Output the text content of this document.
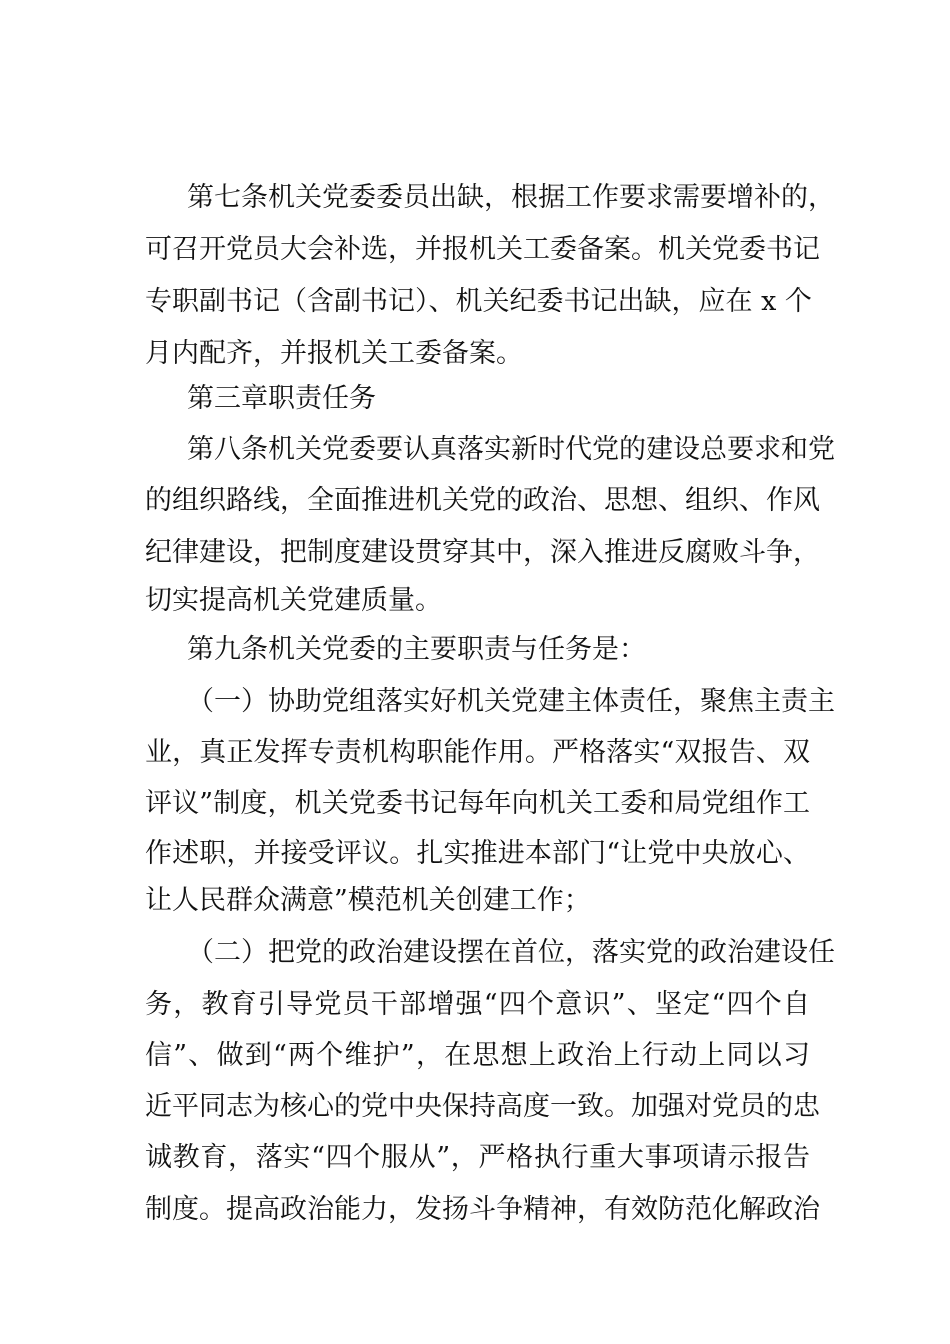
第七条机关党委委员出缺，根据工作要求需要增补的，
可召开党员大会补选，并报机关工委备案。机关党委书记
专职副书记（含副书记）、机关纪委书记出缺，应在 x 个
月内配齐，并报机关工委备案。
第三章职责任务
第八条机关党委要认真落实新时代党的建设总要求和党
的组织路线，全面推进机关党的政治、思想、组织、作风
纪律建设，把制度建设贯穿其中，深入推进反腐败斗争，
切实提高机关党建质量。
第九条机关党委的主要职责与任务是：
（一）协助党组落实好机关党建主体责任，聚焦主责主
业，真正发挥专责机构职能作用。严格落实“双报告、双
评议”制度，机关党委书记每年向机关工委和局党组作工
作述职，并接受评议。扎实推进本部门“让党中央放心、
让人民群众满意”模范机关创建工作；
（二）把党的政治建设摆在首位，落实党的政治建设任
务，教育引导党员干部增强“四个意识”、坚定“四个自
信”、做到“两个维护”，在思想上政治上行动上同以习
近平同志为核心的党中央保持高度一致。加强对党员的忠
诚教育，落实“四个服从”，严格执行重大事项请示报告
制度。提高政治能力，发扬斗争精神，有效防范化解政治
